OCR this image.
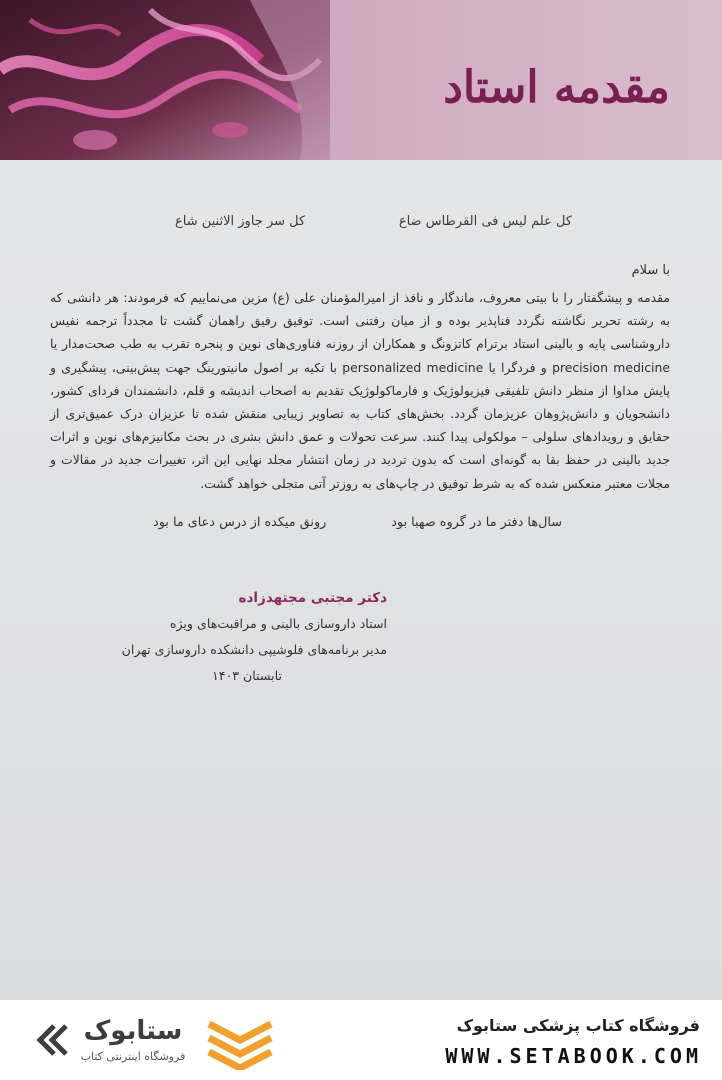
مقدمه استاد
کل علم لیس فی القرطاس ضاع
کل سر جاوز الاثنین شاع
با سلام
مقدمه و پیشگفتار را با بیتی معروف، ماندگار و نافذ از امیرالمؤمنان علی (ع) مزین می‌نماییم که فرمودند: هر دانشی که به رشته تحریر نگاشته نگردد فناپذیر بوده و از میان رفتنی است. توفیق رفیق راهمان گشت تا مجدداً ترجمه نفیس داروشناسی پایه و بالینی استاد برترام کاتزونگ و همکاران از روزنه فناوری‌های نوین و پنجره تقرب به طب صحت‌مدار یا precision medicine و فردگرا یا personalized medicine با تکیه بر اصول مانیتورینگ جهت پیش‌بینی، پیشگیری و پایش مداوا از منظر دانش تلفیقی فیزیولوژیک و فارماکولوژیک تقدیم به اصحاب اندیشه و قلم، دانشمندان فردای کشور، دانشجویان و دانش‌پژوهان عزیزمان گردد. بخش‌های کتاب به تصاویر زیبایی منقش شده تا عزیزان درک عمیق‌تری از حقایق و رویدادهای سلولی – مولکولی پیدا کنند. سرعت تحولات و عمق دانش بشری در بحث مکانیزم‌های نوین و اثرات جدید بالینی در حفظ بقا به گونه‌ای است که بدون تردید در زمان انتشار مجلد نهایی این اثر، تغییرات جدید در مقالات و مجلات معتبر منعکس شده که به شرط توفیق در چاپ‌های به روزتر آتی متجلی خواهد گشت.
سال‌ها دفتر ما در گروه صهبا بود
رونق میکده از درس دعای ما بود
دکتر مجتبی مجتهدزاده
استاد داروسازی بالینی و مراقبت‌های ویژه
مدیر برنامه‌های فلوشیپی دانشکده داروسازی تهران
تابستان ۱۴۰۳
ستابوک
فروشگاه اینترنتی کتاب
فروشگاه کتاب پزشکی ستابوک
WWW.SETABOOK.COM
